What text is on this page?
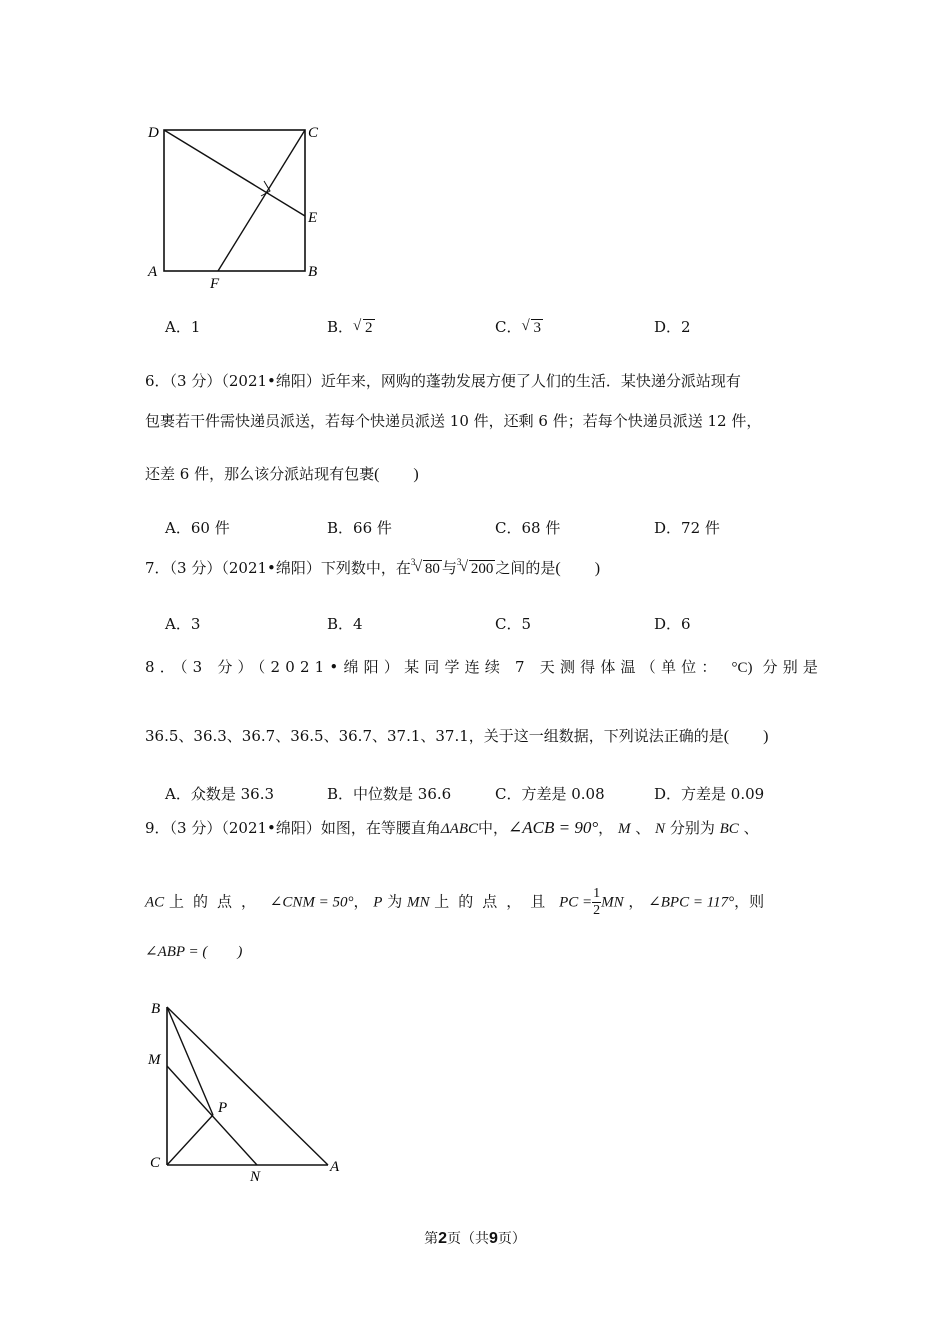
D	C
E
A	B
F
A．1	B． √ 2	C． √ 3	D．2
6．（3 分）（2021•绵阳）近年来，网购的蓬勃发展方便了人们的生活．某快递分派站现有
包裹若干件需快递员派送，若每个快递员派送 10 件，还剩 6 件；若每个快递员派送 12 件，
还差 6 件，那么该分派站现有包裹( )
A．60 件	B．66 件	C．68 件	D．72 件
7．（3 分）（2021•绵阳）下列数中，在 3
√ 80 与 3
√ 200 之间的是( )
A．3	B．4	C．5	D．6
8．（3 分）（2021•绵阳）某同学连续 7 天测得体温（单位： °C) 分别是
36.5、36.3、36.7、36.5、36.7、37.1、37.1，关于这一组数据，下列说法正确的是( )
A．众数是 36.3	B．中位数是 36.6	C．方差是 0.08	D．方差是 0.09
9．（3 分）（2021•绵阳）如图，在等腰直角ΔABC中，∠ACB = 90°， M 、 N 分别为 BC 、
AC 上的点， ∠CNM = 50°， P 为 MN 上的点，且 PC = $\frac{1}{2}$ MN ， ∠BPC = 117°，则
∠ABP = (　　)
B
M
P
C
N
A
第2页（共9页）
